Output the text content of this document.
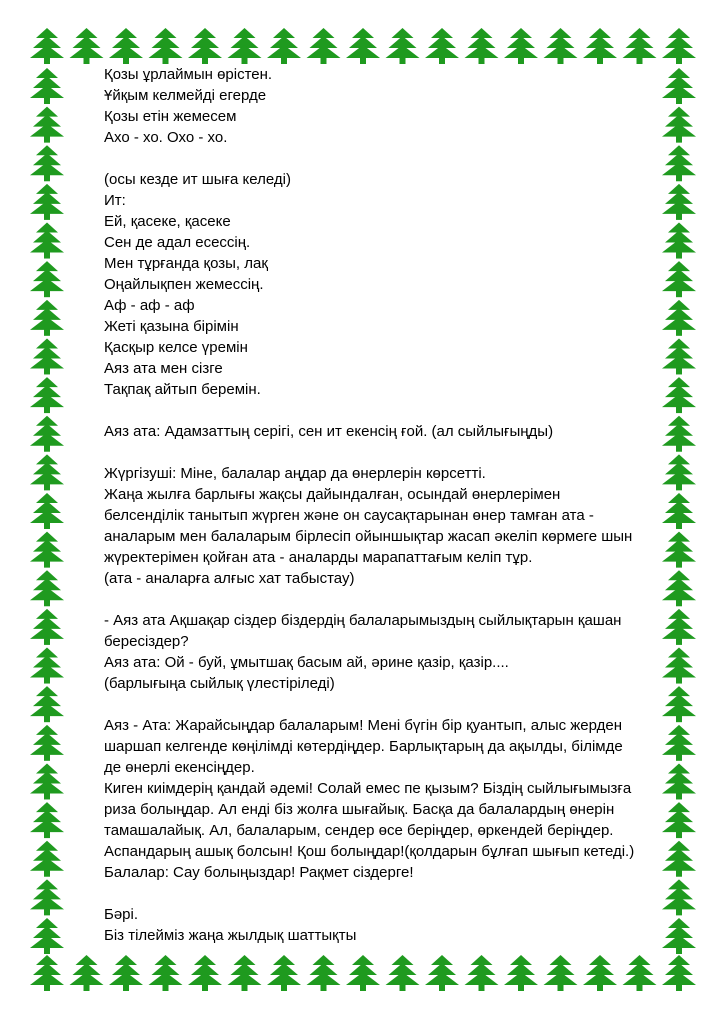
Қозы ұрлаймын өрістен.
Ұйқым келмейді егерде
Қозы етін жемесем
Ахо - хо. Охо - хо.
(осы кезде ит шыға келеді)
Ит:
Ей, қасеке, қасеке
Сен де адал есессің.
Мен тұрғанда қозы, лақ
Оңайлықпен жемессің.
Аф - аф - аф
Жеті қазына бірімін
Қасқыр келсе үремін
Аяз ата мен сізге
Тақпақ айтып беремін.
Аяз ата: Адамзаттың серігі, сен ит екенсің ғой. (ал сыйлығыңды)
Жүргізуші: Міне, балалар аңдар да өнерлерін көрсетті.
Жаңа жылға барлығы жақсы дайындалған, осындай өнерлерімен
белсенділік танытып жүрген және он саусақтарынан өнер тамған ата -
аналарым мен балаларым бірлесіп ойыншықтар жасап әкеліп көрмеге шын
жүректерімен қойған ата - аналарды марапаттағым келіп тұр.
(ата - аналарға алғыс хат табыстау)
- Аяз ата Ақшақар сіздер біздердің балаларымыздың сыйлықтарын қашан
бересіздер?
Аяз ата: Ой - буй, ұмытшақ басым ай, әрине қазір, қазір....
(барлығыңа сыйлық үлестіріледі)
Аяз - Ата: Жарайсыңдар балаларым! Мені бүгін бір қуантып, алыс жерден
шаршап келгенде көңілімді көтердіңдер. Барлықтарың да ақылды, білімде
де өнерлі екенсіңдер.
Киген киімдерің қандай әдемі! Солай емес пе қызым? Біздің сыйлығымызға
риза болыңдар. Ал енді біз жолға шығайық. Басқа да балалардың өнерін
тамашалайық. Ал, балаларым, сендер өсе беріңдер, өркендей беріңдер.
Аспандарың ашық болсын! Қош болыңдар!(қолдарын бұлғап шығып кетеді.)
Балалар: Сау болыңыздар! Рақмет сіздерге!
Бәрі.
Біз тілейміз жаңа жылдық шаттықты
